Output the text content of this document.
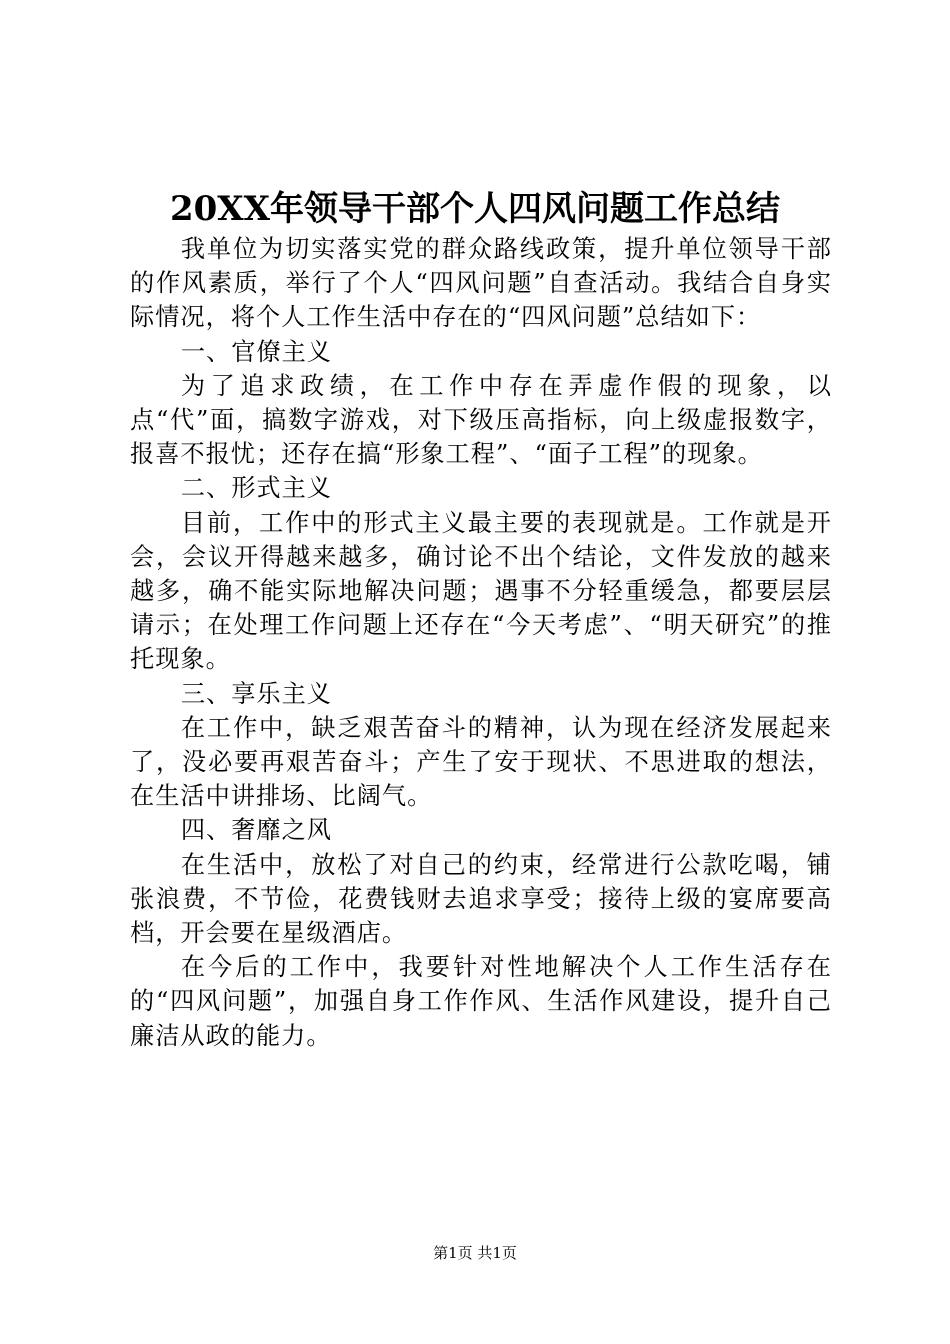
20XX年领导干部个人四风问题工作总结

我单位为切实落实党的群众路线政策，提升单位领导干部的作风素质，举行了个人“四风问题”自查活动。我结合自身实际情况，将个人工作生活中存在的“四风问题”总结如下：

一、官僚主义

为了追求政绩，在工作中存在弄虚作假的现象，以点“代”面，搞数字游戏，对下级压高指标，向上级虚报数字，报喜不报忧；还存在搞“形象工程”、“面子工程”的现象。

二、形式主义

目前，工作中的形式主义最主要的表现就是。工作就是开会，会议开得越来越多，确讨论不出个结论，文件发放的越来越多，确不能实际地解决问题；遇事不分轻重缓急，都要层层请示；在处理工作问题上还存在“今天考虑”、“明天研究”的推托现象。

三、享乐主义

在工作中，缺乏艰苦奋斗的精神，认为现在经济发展起来了，没必要再艰苦奋斗；产生了安于现状、不思进取的想法，在生活中讲排场、比阔气。

四、奢靡之风

在生活中，放松了对自己的约束，经常进行公款吃喝，铺张浪费，不节俭，花费钱财去追求享受；接待上级的宴席要高档，开会要在星级酒店。

在今后的工作中，我要针对性地解决个人工作生活存在的“四风问题”，加强自身工作作风、生活作风建设，提升自己廉洁从政的能力。

第1页 共1页
